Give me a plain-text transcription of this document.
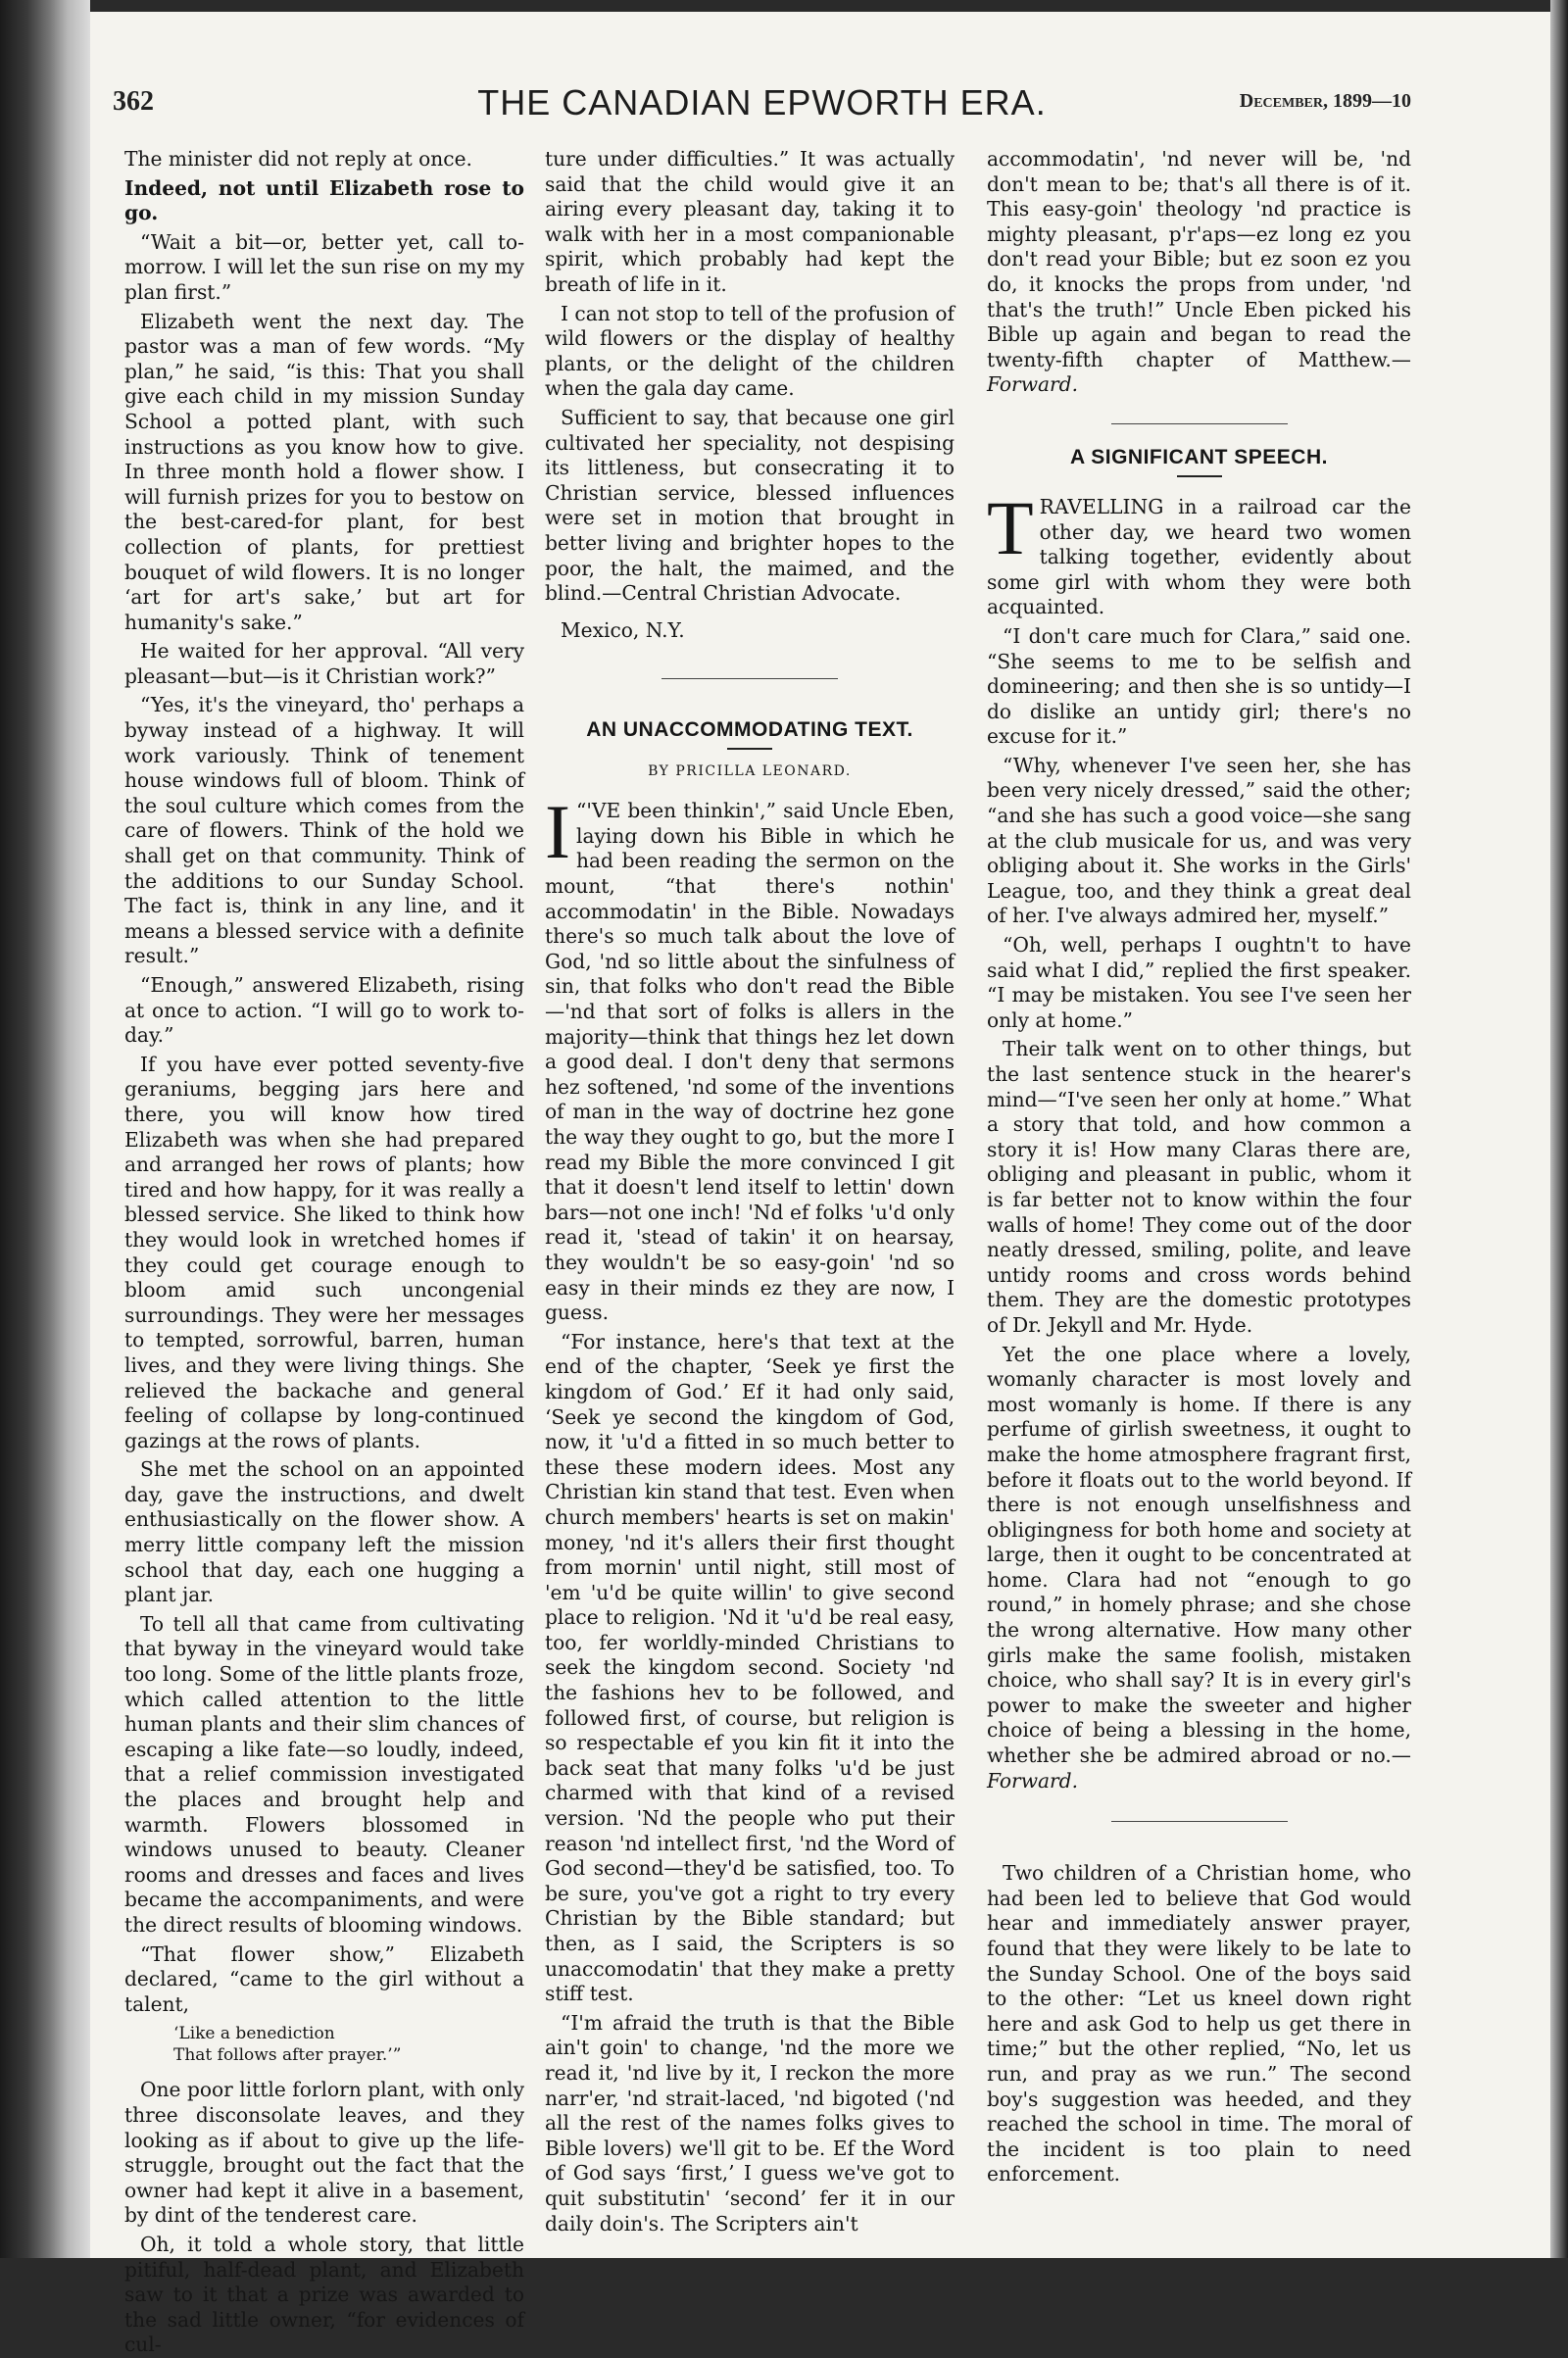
362	THE CANADIAN EPWORTH ERA.	December, 1899—10

The minister did not reply at once.

Indeed, not until Elizabeth rose to go.

“Wait a bit—or, better yet, call to-morrow. I will let the sun rise on my my plan first.”

Elizabeth went the next day. The pastor was a man of few words. “My plan,” he said, “is this: That you shall give each child in my mission Sunday School a potted plant, with such instructions as you know how to give. In three month hold a flower show. I will furnish prizes for you to bestow on the best-cared-for plant, for best collection of plants, for prettiest bouquet of wild flowers. It is no longer ‘art for art's sake,’ but art for humanity's sake.”

He waited for her approval. “All very pleasant—but—is it Christian work?”

“Yes, it's the vineyard, tho' perhaps a byway instead of a highway. It will work variously. Think of tenement house windows full of bloom. Think of the soul culture which comes from the care of flowers. Think of the hold we shall get on that community. Think of the additions to our Sunday School. The fact is, think in any line, and it means a blessed service with a definite result.”

“Enough,” answered Elizabeth, rising at once to action. “I will go to work to-day.”

If you have ever potted seventy-five geraniums, begging jars here and there, you will know how tired Elizabeth was when she had prepared and arranged her rows of plants; how tired and how happy, for it was really a blessed service. She liked to think how they would look in wretched homes if they could get courage enough to bloom amid such uncongenial surroundings. They were her messages to tempted, sorrowful, barren, human lives, and they were living things. She relieved the backache and general feeling of collapse by long-continued gazings at the rows of plants.

She met the school on an appointed day, gave the instructions, and dwelt enthusiastically on the flower show. A merry little company left the mission school that day, each one hugging a plant jar.

To tell all that came from cultivating that byway in the vineyard would take too long. Some of the little plants froze, which called attention to the little human plants and their slim chances of escaping a like fate—so loudly, indeed, that a relief commission investigated the places and brought help and warmth. Flowers blossomed in windows unused to beauty. Cleaner rooms and dresses and faces and lives became the accompaniments, and were the direct results of blooming windows.

“That flower show,” Elizabeth declared, “came to the girl without a talent,

‘Like a benediction
That follows after prayer.’”

One poor little forlorn plant, with only three disconsolate leaves, and they looking as if about to give up the life-struggle, brought out the fact that the owner had kept it alive in a basement, by dint of the tenderest care.

Oh, it told a whole story, that little pitiful, half-dead plant, and Elizabeth saw to it that a prize was awarded to the sad little owner, “for evidences of cul-

ture under difficulties.” It was actually said that the child would give it an airing every pleasant day, taking it to walk with her in a most companionable spirit, which probably had kept the breath of life in it.

I can not stop to tell of the profusion of wild flowers or the display of healthy plants, or the delight of the children when the gala day came.

Sufficient to say, that because one girl cultivated her speciality, not despising its littleness, but consecrating it to Christian service, blessed influences were set in motion that brought in better living and brighter hopes to the poor, the halt, the maimed, and the blind.—Central Christian Advocate.

Mexico, N.Y.

AN UNACCOMMODATING TEXT.
BY PRICILLA LEONARD.

“
I 'VE been thinkin',” said Uncle Eben, laying down his Bible in which he had been reading the sermon on the mount, “that there's nothin' accommodatin' in the Bible. Nowadays there's so much talk about the love of God, 'nd so little about the sinfulness of sin, that folks who don't read the Bible—'nd that sort of folks is allers in the majority—think that things hez let down a good deal. I don't deny that sermons hez softened, 'nd some of the inventions of man in the way of doctrine hez gone the way they ought to go, but the more I read my Bible the more convinced I git that it doesn't lend itself to lettin' down bars—not one inch! 'Nd ef folks 'u'd only read it, 'stead of takin' it on hearsay, they wouldn't be so easy-goin' 'nd so easy in their minds ez they are now, I guess.

“For instance, here's that text at the end of the chapter, ‘Seek ye first the kingdom of God.’ Ef it had only said, ‘Seek ye second the kingdom of God, now, it 'u'd a fitted in so much better to these these modern idees. Most any Christian kin stand that test. Even when church members' hearts is set on makin' money, 'nd it's allers their first thought from mornin' until night, still most of 'em 'u'd be quite willin' to give second place to religion. 'Nd it 'u'd be real easy, too, fer worldly-minded Christians to seek the kingdom second. Society 'nd the fashions hev to be followed, and followed first, of course, but religion is so respectable ef you kin fit it into the back seat that many folks 'u'd be just charmed with that kind of a revised version. 'Nd the people who put their reason 'nd intellect first, 'nd the Word of God second—they'd be satisfied, too. To be sure, you've got a right to try every Christian by the Bible standard; but then, as I said, the Scripters is so unaccomodatin' that they make a pretty stiff test.

“I'm afraid the truth is that the Bible ain't goin' to change, 'nd the more we read it, 'nd live by it, I reckon the more narr'er, 'nd strait-laced, 'nd bigoted ('nd all the rest of the names folks gives to Bible lovers) we'll git to be. Ef the Word of God says ‘first,’ I guess we've got to quit substitutin' ‘second’ fer it in our daily doin's. The Scripters ain't

accommodatin', 'nd never will be, 'nd don't mean to be; that's all there is of it. This easy-goin' theology 'nd practice is mighty pleasant, p'r'aps—ez long ez you don't read your Bible; but ez soon ez you do, it knocks the props from under, 'nd that's the truth!” Uncle Eben picked his Bible up again and began to read the twenty-fifth chapter of Matthew.— Forward.

A SIGNIFICANT SPEECH.

TRAVELLING in a railroad car the other day, we heard two women talking together, evidently about some girl with whom they were both acquainted.

“I don't care much for Clara,” said one. “She seems to me to be selfish and domineering; and then she is so untidy—I do dislike an untidy girl; there's no excuse for it.”

“Why, whenever I've seen her, she has been very nicely dressed,” said the other; “and she has such a good voice—she sang at the club musicale for us, and was very obliging about it. She works in the Girls' League, too, and they think a great deal of her. I've always admired her, myself.”

“Oh, well, perhaps I oughtn't to have said what I did,” replied the first speaker. “I may be mistaken. You see I've seen her only at home.”

Their talk went on to other things, but the last sentence stuck in the hearer's mind—“I've seen her only at home.” What a story that told, and how common a story it is! How many Claras there are, obliging and pleasant in public, whom it is far better not to know within the four walls of home! They come out of the door neatly dressed, smiling, polite, and leave untidy rooms and cross words behind them. They are the domestic prototypes of Dr. Jekyll and Mr. Hyde.

Yet the one place where a lovely, womanly character is most lovely and most womanly is home. If there is any perfume of girlish sweetness, it ought to make the home atmosphere fragrant first, before it floats out to the world beyond. If there is not enough unselfishness and obligingness for both home and society at large, then it ought to be concentrated at home. Clara had not “enough to go round,” in homely phrase; and she chose the wrong alternative. How many other girls make the same foolish, mistaken choice, who shall say? It is in every girl's power to make the sweeter and higher choice of being a blessing in the home, whether she be admired abroad or no.—Forward.

Two children of a Christian home, who had been led to believe that God would hear and immediately answer prayer, found that they were likely to be late to the Sunday School. One of the boys said to the other: “Let us kneel down right here and ask God to help us get there in time;” but the other replied, “No, let us run, and pray as we run.” The second boy's suggestion was heeded, and they reached the school in time. The moral of the incident is too plain to need enforcement.
